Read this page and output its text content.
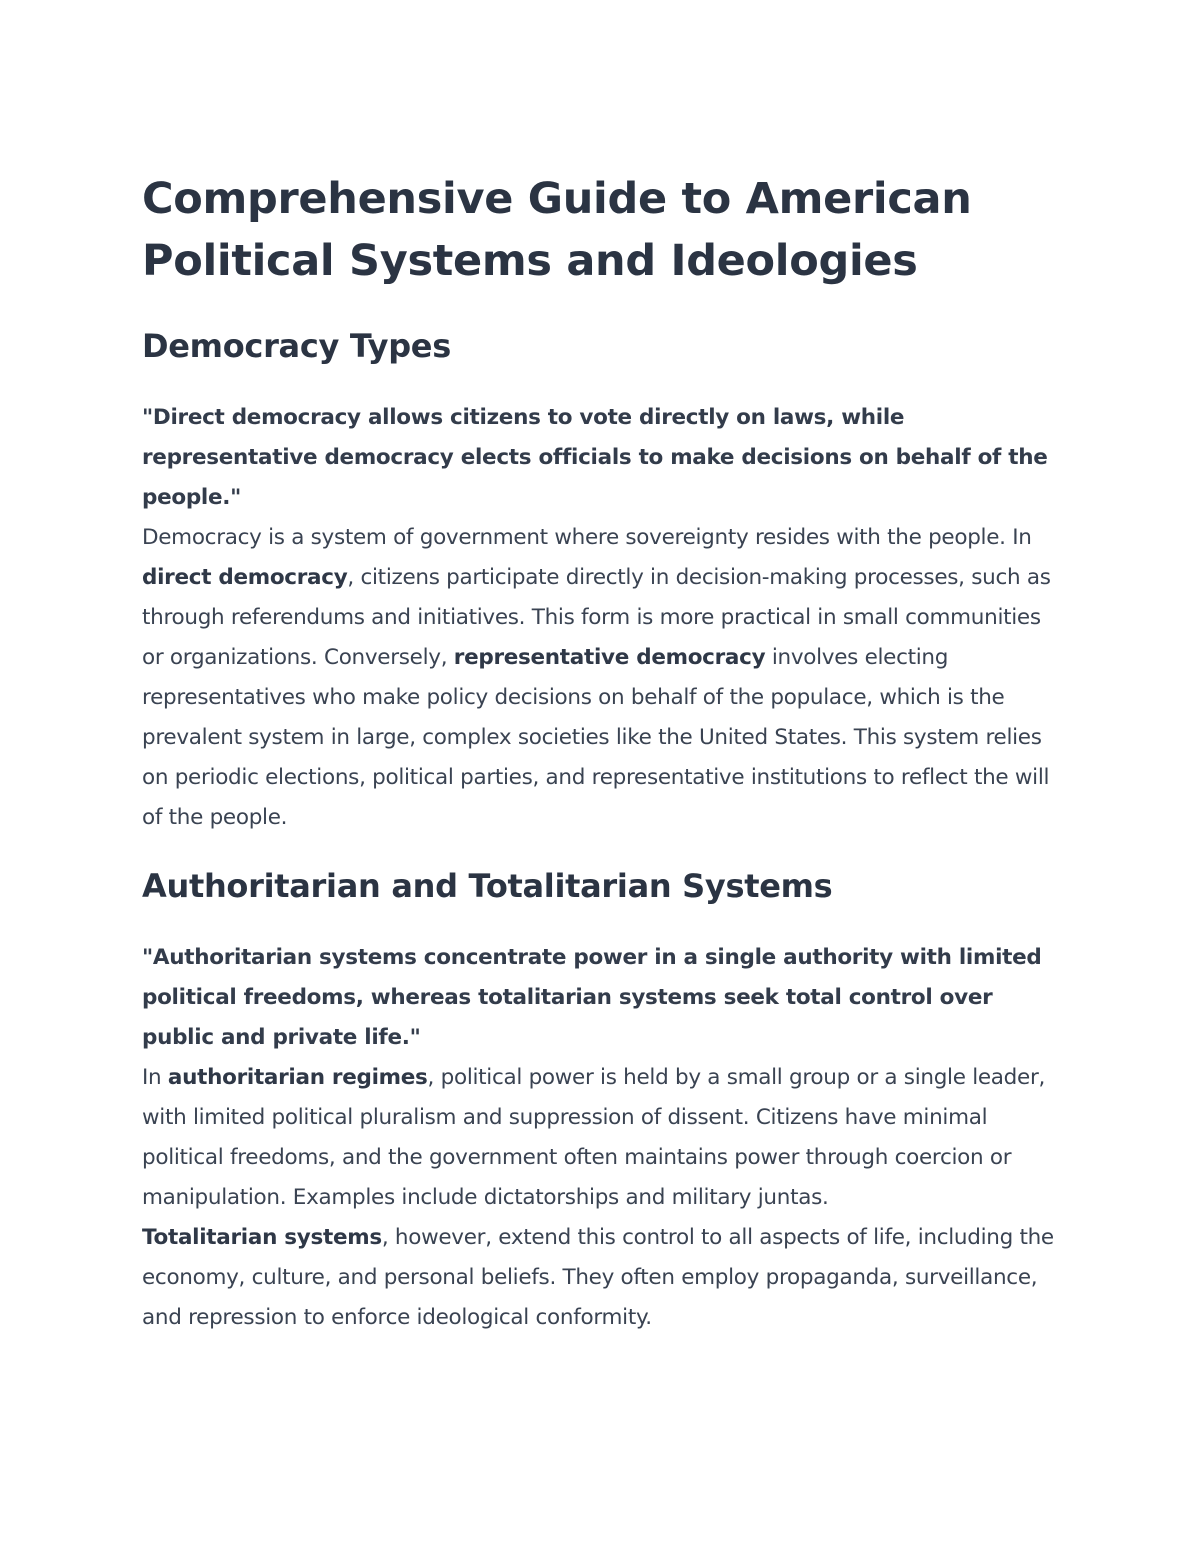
Comprehensive Guide to American Political Systems and Ideologies
Democracy Types

"Direct democracy allows citizens to vote directly on laws, while representative democracy elects officials to make decisions on behalf of the people."

Democracy is a system of government where sovereignty resides with the people. In direct democracy, citizens participate directly in decision-making processes, such as through referendums and initiatives. This form is more practical in small communities or organizations. Conversely, representative democracy involves electing representatives who make policy decisions on behalf of the populace, which is the prevalent system in large, complex societies like the United States. This system relies on periodic elections, political parties, and representative institutions to reflect the will of the people.

Authoritarian and Totalitarian Systems

"Authoritarian systems concentrate power in a single authority with limited political freedoms, whereas totalitarian systems seek total control over public and private life."

In authoritarian regimes, political power is held by a small group or a single leader, with limited political pluralism and suppression of dissent. Citizens have minimal political freedoms, and the government often maintains power through coercion or manipulation. Examples include dictatorships and military juntas.

Totalitarian systems, however, extend this control to all aspects of life, including the economy, culture, and personal beliefs. They often employ propaganda, surveillance, and repression to enforce ideological conformity.
